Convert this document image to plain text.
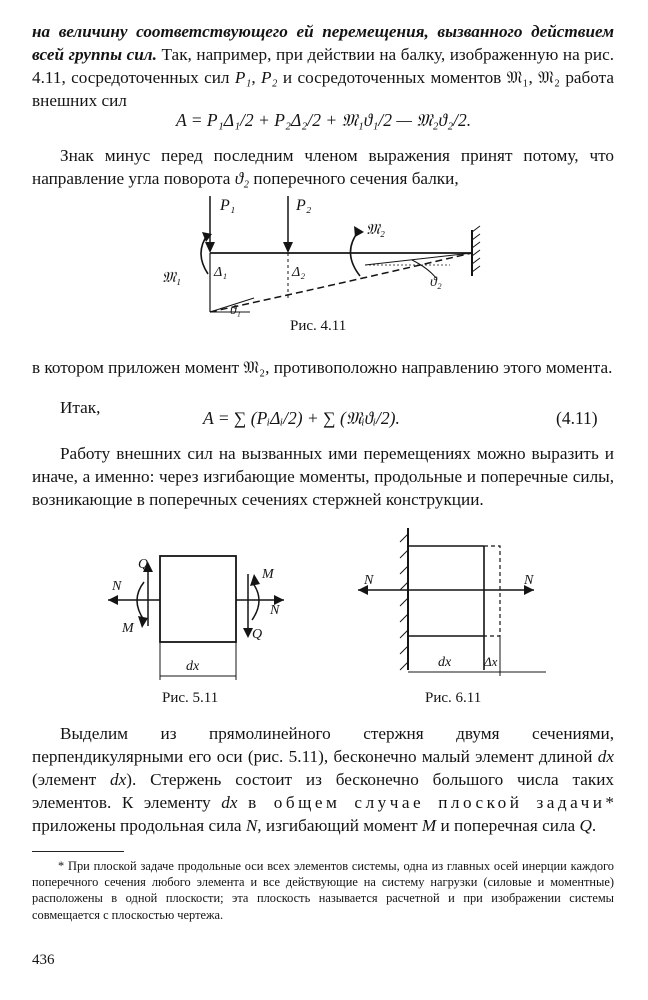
на величину соответствующего ей перемещения, вызванного действием всей группы сил. Так, например, при действии на балку, изображенную на рис. 4.11, сосредоточенных сил P₁, P₂ и сосредоточенных моментов 𝔐₁, 𝔐₂ работа внешних сил

A = P₁Δ₁/2 + P₂Δ₂/2 + 𝔐₁ϑ₁/2 — 𝔐₂ϑ₂/2.

Знак минус перед последним членом выражения принят потому, что направление угла поворота ϑ₂ поперечного сечения балки,

P₁	P₂
𝔐₁
𝔐₂
Δ₁	Δ₂
ϑ₁
ϑ₂
Рис. 4.11

в котором приложен момент 𝔐₂, противоположно направлению этого момента.

Итак,

A = ∑ (PᵢΔᵢ/2) + ∑ (𝔐ᵢϑᵢ/2).	(4.11)

Работу внешних сил на вызванных ими перемещениях можно выразить и иначе, а именно: через изгибающие моменты, продольные и поперечные силы, возникающие в поперечных сечениях стержней конструкции.

N
N
Q
Q
M
M
dx
Рис. 5.11
N	N
dx	Δx
Рис. 6.11

Выделим из прямолинейного стержня двумя сечениями, перпендикулярными его оси (рис. 5.11), бесконечно малый элемент длиной dx (элемент dx). Стержень состоит из бесконечно большого числа таких элементов. К элементу dx в общем случае плоской задачи* приложены продольная сила N, изгибающий момент M и поперечная сила Q.

* При плоской задаче продольные оси всех элементов системы, одна из главных осей инерции каждого поперечного сечения любого элемента и все действующие на систему нагрузки (силовые и моментные) расположены в одной плоскости; эта плоскость называется расчетной и при изображении системы совмещается с плоскостью чертежа.

436
